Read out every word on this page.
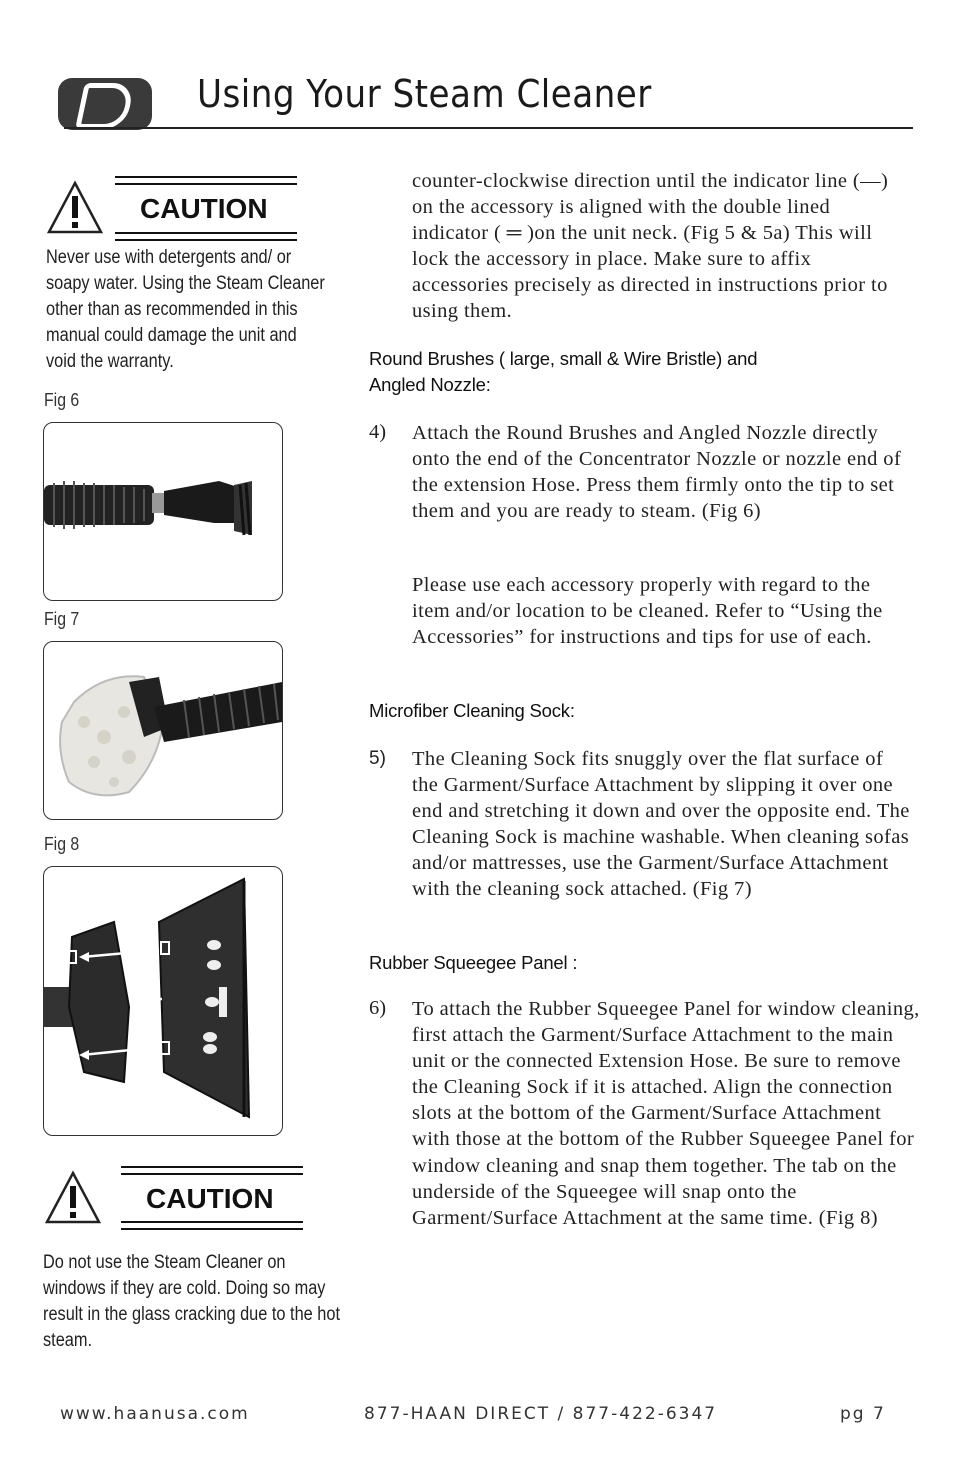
Using Your Steam Cleaner
CAUTION
Never use with detergents and/ or soapy water. Using the Steam Cleaner other than as recommended in this manual could damage the unit and void the warranty.
Fig 6
Fig 7
Fig 8
CAUTION
Do not use the Steam Cleaner on windows if they are cold. Doing so may result in the glass cracking due to the hot steam.

counter-clockwise direction until the indicator line (—) on the accessory is aligned with the double lined indicator ( ═ )on the unit neck. (Fig 5 & 5a) This will lock the accessory in place. Make sure to affix accessories precisely as directed in instructions prior to using them.

Round Brushes ( large, small & Wire Bristle) and Angled Nozzle:

4) Attach the Round Brushes and Angled Nozzle directly onto the end of the Concentrator Nozzle or nozzle end of the extension Hose. Press them firmly onto the tip to set them and you are ready to steam. (Fig 6)

Please use each accessory properly with regard to the item and/or location to be cleaned. Refer to “Using the Accessories” for instructions and tips for use of each.

Microfiber Cleaning Sock:

5) The Cleaning Sock fits snuggly over the flat surface of the Garment/Surface Attachment by slipping it over one end and stretching it down and over the opposite end. The Cleaning Sock is machine washable. When cleaning sofas and/or mattresses, use the Garment/Surface Attachment with the cleaning sock attached. (Fig 7)

Rubber Squeegee Panel :

6) To attach the Rubber Squeegee Panel for window cleaning, first attach the Garment/Surface Attachment to the main unit or the connected Extension Hose. Be sure to remove the Cleaning Sock if it is attached. Align the connection slots at the bottom of the Garment/Surface Attachment with those at the bottom of the Rubber Squeegee Panel for window cleaning and snap them together. The tab on the underside of the Squeegee will snap onto the Garment/Surface Attachment at the same time. (Fig 8)

www.haanusa.com	877-HAAN DIRECT / 877-422-6347	pg 7
